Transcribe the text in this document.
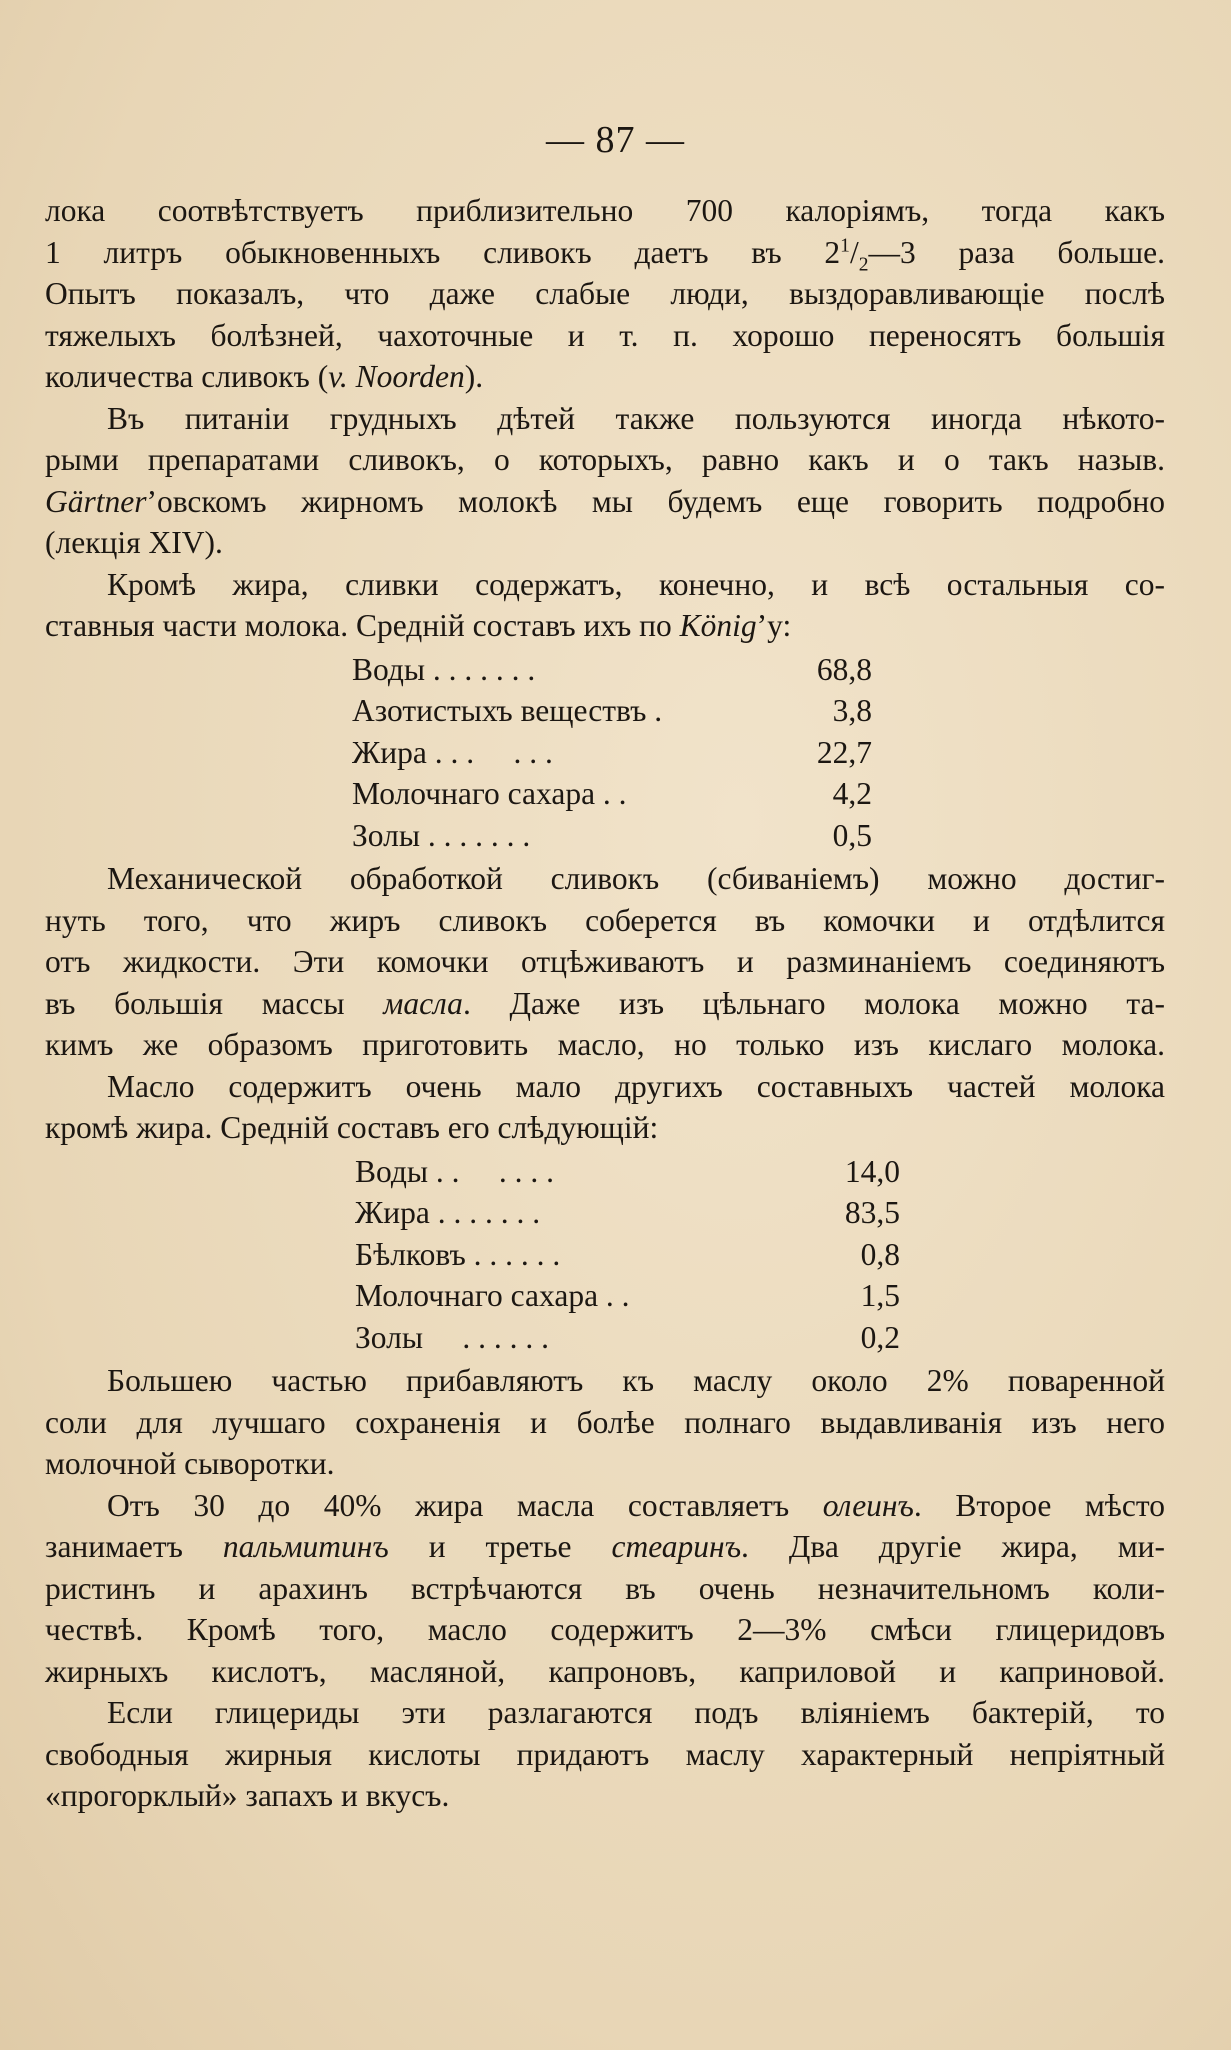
— 87 —

лока соотвѣтствуетъ приблизительно 700 калоріямъ, тогда какъ
1 литръ обыкновенныхъ сливокъ даетъ въ $2^1/_2—3$ раза больше.
Опытъ показалъ, что даже слабые люди, выздоравливающіе послѣ
тяжелыхъ болѣзней, чахоточные и т. п. хорошо переносятъ большія
количества сливокъ (v. Noorden).

Въ питаніи грудныхъ дѣтей также пользуются иногда нѣкото-
рыми препаратами сливокъ, о которыхъ, равно какъ и о такъ назыв.
Gärtner’овскомъ жирномъ молокѣ мы будемъ еще говорить подробно
(лекція XIV).

Кромѣ жира, сливки содержатъ, конечно, и всѣ остальныя со-
ставныя части молока. Среднiй составъ ихъ по König’у:

Воды . . . . . . .	68,8
Азотистыхъ веществъ .	3,8
Жира . . .     . . .	22,7
Молочнаго сахара . .	4,2
Золы . . . . . . .	0,5

Механической обработкой сливокъ (сбиваніемъ) можно достиг-
нуть того, что жиръ сливокъ соберется въ комочки и отдѣлится
отъ жидкости. Эти комочки отцѣживаютъ и разминаніемъ соединяютъ
въ большія массы масла. Даже изъ цѣльнаго молока можно та-
кимъ же образомъ приготовить масло, но только изъ кислаго молока.

Масло содержитъ очень мало другихъ составныхъ частей молока
кромѣ жира. Среднiй составъ его слѣдующiй:

Воды . .     . . . .	14,0
Жира . . . . . . .	83,5
Бѣлковъ . . . . . .	0,8
Молочнаго сахара . .	1,5
Золы     . . . . . .	0,2

Большею частью прибавляютъ къ маслу около 2% поваренной
соли для лучшаго сохраненія и болѣе полнаго выдавливанія изъ него
молочной сыворотки.

Отъ 30 до 40% жира масла составляетъ олеинъ. Второе мѣсто
занимаетъ пальмитинъ и третье стеаринъ. Два другіе жира, ми-
ристинъ и арахинъ встрѣчаются въ очень незначительномъ коли-
чествѣ. Кромѣ того, масло содержитъ 2—3% смѣси глицеридовъ
жирныхъ кислотъ, масляной, капроновъ, каприловой и каприновой.

Если глицериды эти разлагаются подъ вліяніемъ бактерій, то
свободныя жирныя кислоты придаютъ маслу характерный непріятный
«прогорклый» запахъ и вкусъ.
